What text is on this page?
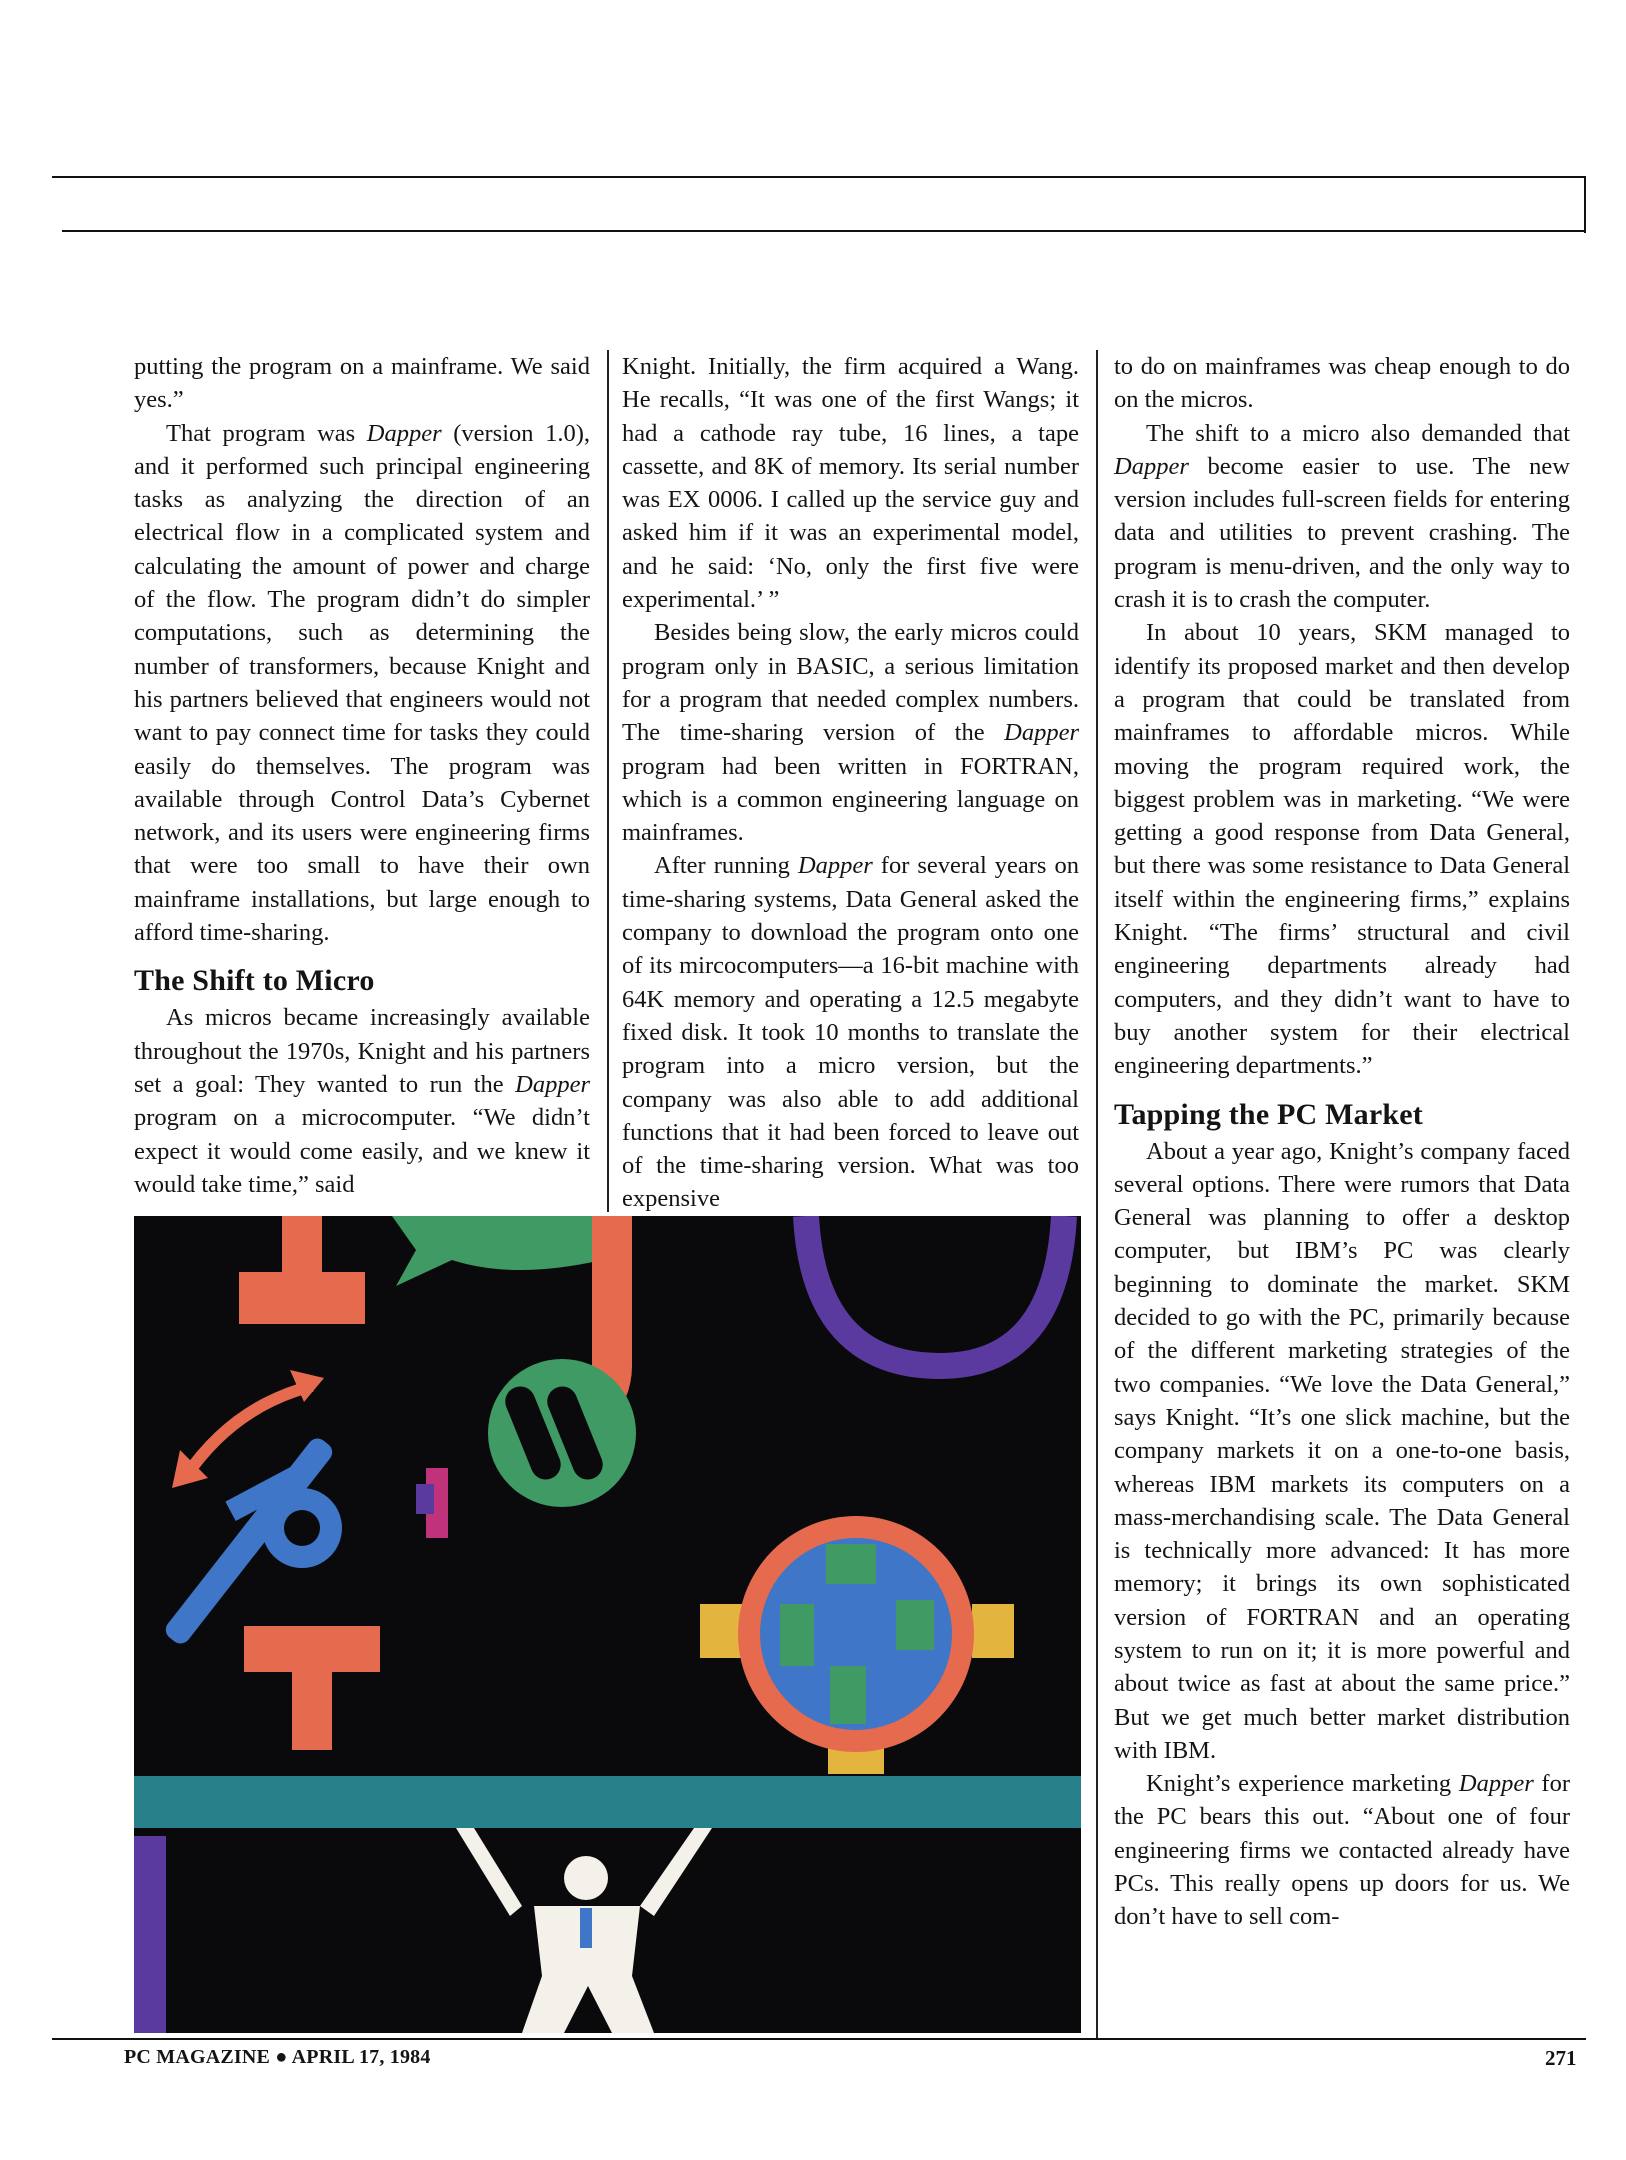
putting the program on a mainframe. We said yes.”

That program was Dapper (version 1.0), and it performed such principal engineering tasks as analyzing the direction of an electrical flow in a complicated system and calculating the amount of power and charge of the flow. The program didn’t do simpler computations, such as determining the number of transformers, because Knight and his partners believed that engineers would not want to pay connect time for tasks they could easily do themselves. The program was available through Control Data’s Cybernet network, and its users were engineering firms that were too small to have their own mainframe installations, but large enough to afford time-sharing.

The Shift to Micro

As micros became increasingly available throughout the 1970s, Knight and his partners set a goal: They wanted to run the Dapper program on a microcomputer. “We didn’t expect it would come easily, and we knew it would take time,” said

Knight. Initially, the firm acquired a Wang. He recalls, “It was one of the first Wangs; it had a cathode ray tube, 16 lines, a tape cassette, and 8K of memory. Its serial number was EX 0006. I called up the service guy and asked him if it was an experimental model, and he said: ‘No, only the first five were experimental.’ ”

Besides being slow, the early micros could program only in BASIC, a serious limitation for a program that needed complex numbers. The time-sharing version of the Dapper program had been written in FORTRAN, which is a common engineering language on mainframes.

After running Dapper for several years on time-sharing systems, Data General asked the company to download the program onto one of its mircocomputers—a 16-bit machine with 64K memory and operating a 12.5 megabyte fixed disk. It took 10 months to translate the program into a micro version, but the company was also able to add additional functions that it had been forced to leave out of the time-sharing version. What was too expensive

to do on mainframes was cheap enough to do on the micros.

The shift to a micro also demanded that Dapper become easier to use. The new version includes full-screen fields for entering data and utilities to prevent crashing. The program is menu-driven, and the only way to crash it is to crash the computer.

In about 10 years, SKM managed to identify its proposed market and then develop a program that could be translated from mainframes to affordable micros. While moving the program required work, the biggest problem was in marketing. “We were getting a good response from Data General, but there was some resistance to Data General itself within the engineering firms,” explains Knight. “The firms’ structural and civil engineering departments already had computers, and they didn’t want to have to buy another system for their electrical engineering departments.”

Tapping the PC Market

About a year ago, Knight’s company faced several options. There were rumors that Data General was planning to offer a desktop computer, but IBM’s PC was clearly beginning to dominate the market. SKM decided to go with the PC, primarily because of the different marketing strategies of the two companies. “We love the Data General,” says Knight. “It’s one slick machine, but the company markets it on a one-to-one basis, whereas IBM markets its computers on a mass-merchandising scale. The Data General is technically more advanced: It has more memory; it brings its own sophisticated version of FORTRAN and an operating system to run on it; it is more powerful and about twice as fast at about the same price.” But we get much better market distribution with IBM.

Knight’s experience marketing Dapper for the PC bears this out. “About one of four engineering firms we contacted already have PCs. This really opens up doors for us. We don’t have to sell com-

PC MAGAZINE ● APRIL 17, 1984	271
